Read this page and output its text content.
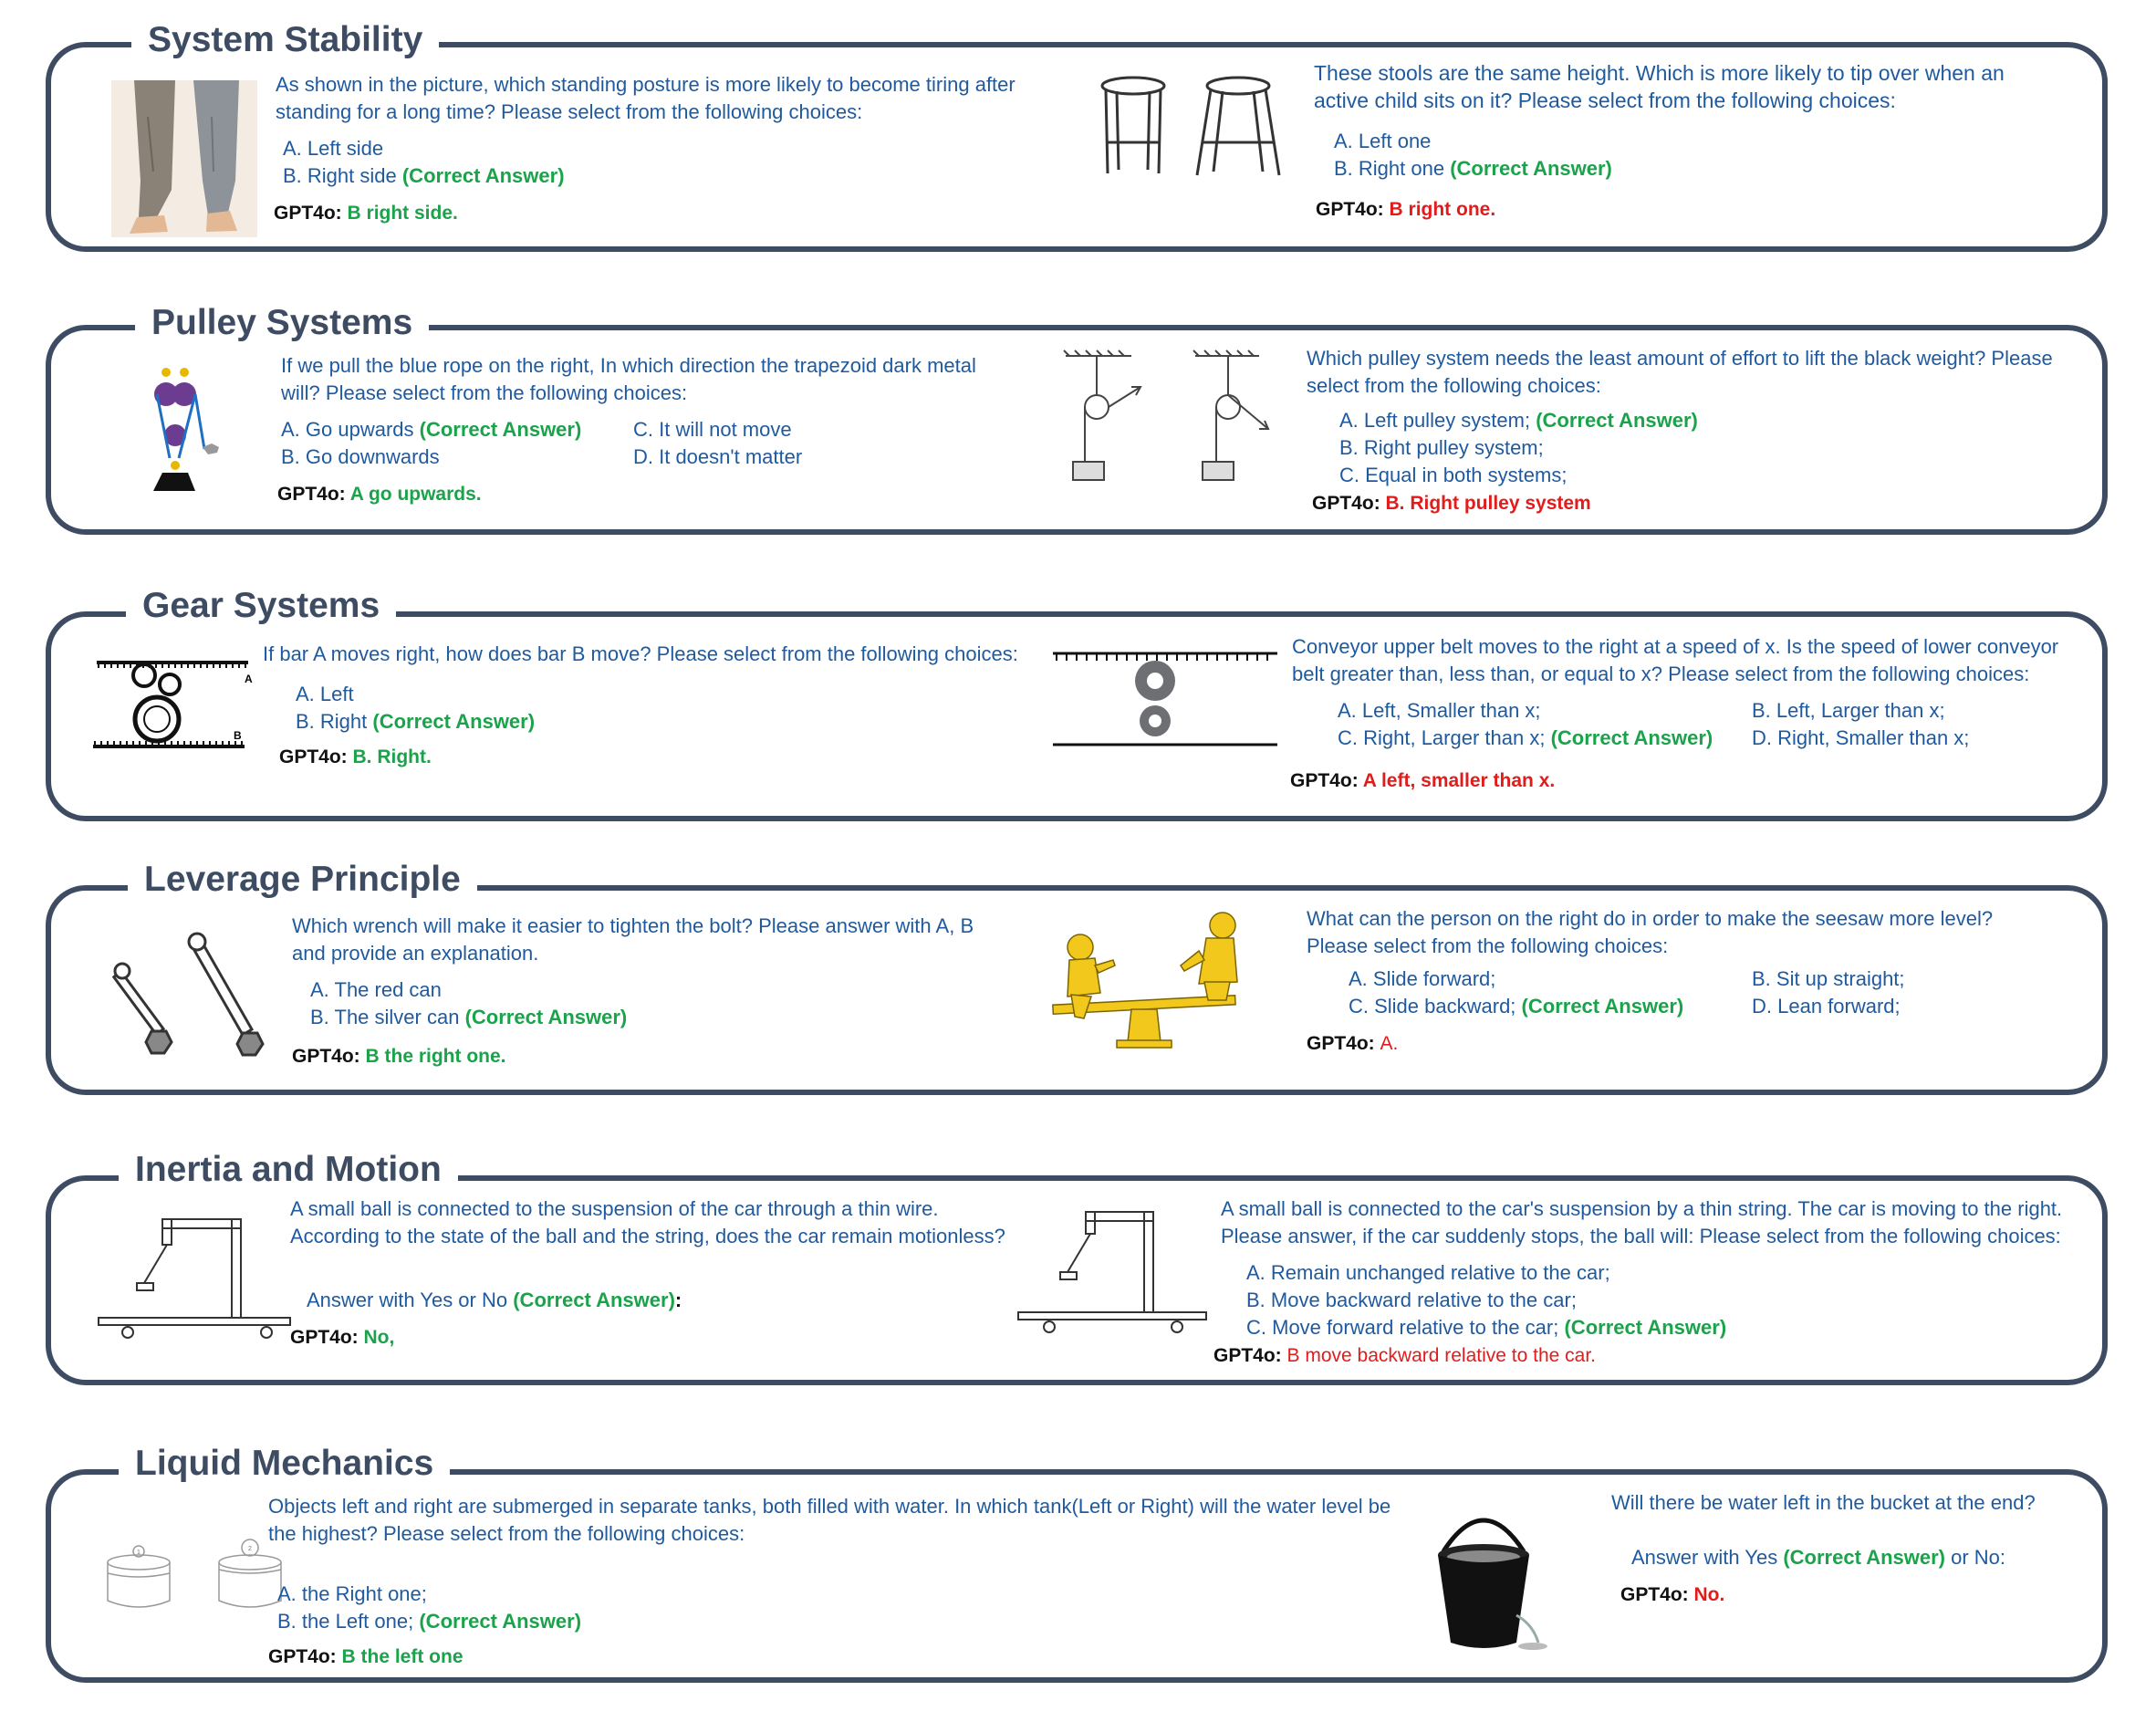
System Stability
As shown in the picture, which standing posture is more likely to become tiring after standing for a long time? Please select from the following choices:
A. Left side
B. Right side (Correct Answer)
GPT4o: B right side.
These stools are the same height. Which is more likely to tip over when an active child sits on it? Please select from the following choices:
A. Left one
B. Right one (Correct Answer)
GPT4o: B right one.
Pulley Systems
If we pull the blue rope on the right, In which direction the trapezoid dark metal will? Please select from the following choices:
A. Go upwards (Correct Answer)
B. Go downwards
C. It will not move
D. It doesn't matter
GPT4o: A go upwards.
Which pulley system needs the least amount of effort to lift the black weight? Please select from the following choices:
A. Left pulley system; (Correct Answer)
B. Right pulley system;
C. Equal in both systems;
GPT4o: B. Right pulley system
Gear Systems
A
B
If bar A moves right, how does bar B move? Please select from the following choices:
A. Left
B. Right (Correct Answer)
GPT4o: B. Right.
Conveyor upper belt moves to the right at a speed of x. Is the speed of lower conveyor belt greater than, less than, or equal to x? Please select from the following choices:
A. Left, Smaller than x;	B. Left, Larger than x;
C. Right, Larger than x; (Correct Answer) D. Right, Smaller than x;
GPT4o: A left, smaller than x.
Leverage Principle
Which wrench will make it easier to tighten the bolt? Please answer with A, B and provide an explanation.
A. The red can
B. The silver can (Correct Answer)
GPT4o: B the right one.
What can the person on the right do in order to make the seesaw more level? Please select from the following choices:
A. Slide forward;	B. Sit up straight;
C. Slide backward; (Correct Answer)	D. Lean forward;
GPT4o: A.
Inertia and Motion
A small ball is connected to the suspension of the car through a thin wire. According to the state of the ball and the string, does the car remain motionless?
Answer with Yes or No (Correct Answer):
GPT4o: No,
A small ball is connected to the car's suspension by a thin string. The car is moving to the right. Please answer, if the car suddenly stops, the ball will: Please select from the following choices:
A. Remain unchanged relative to the car;
B. Move backward relative to the car;
C. Move forward relative to the car; (Correct Answer)
GPT4o: B move backward relative to the car.
Liquid Mechanics
1
2
Objects left and right are submerged in separate tanks, both filled with water. In which tank(Left or Right) will the water level be the highest? Please select from the following choices:
A. the Right one;
B. the Left one; (Correct Answer)
GPT4o: B the left one
Will there be water left in the bucket at the end?
Answer with Yes (Correct Answer) or No:
GPT4o: No.
